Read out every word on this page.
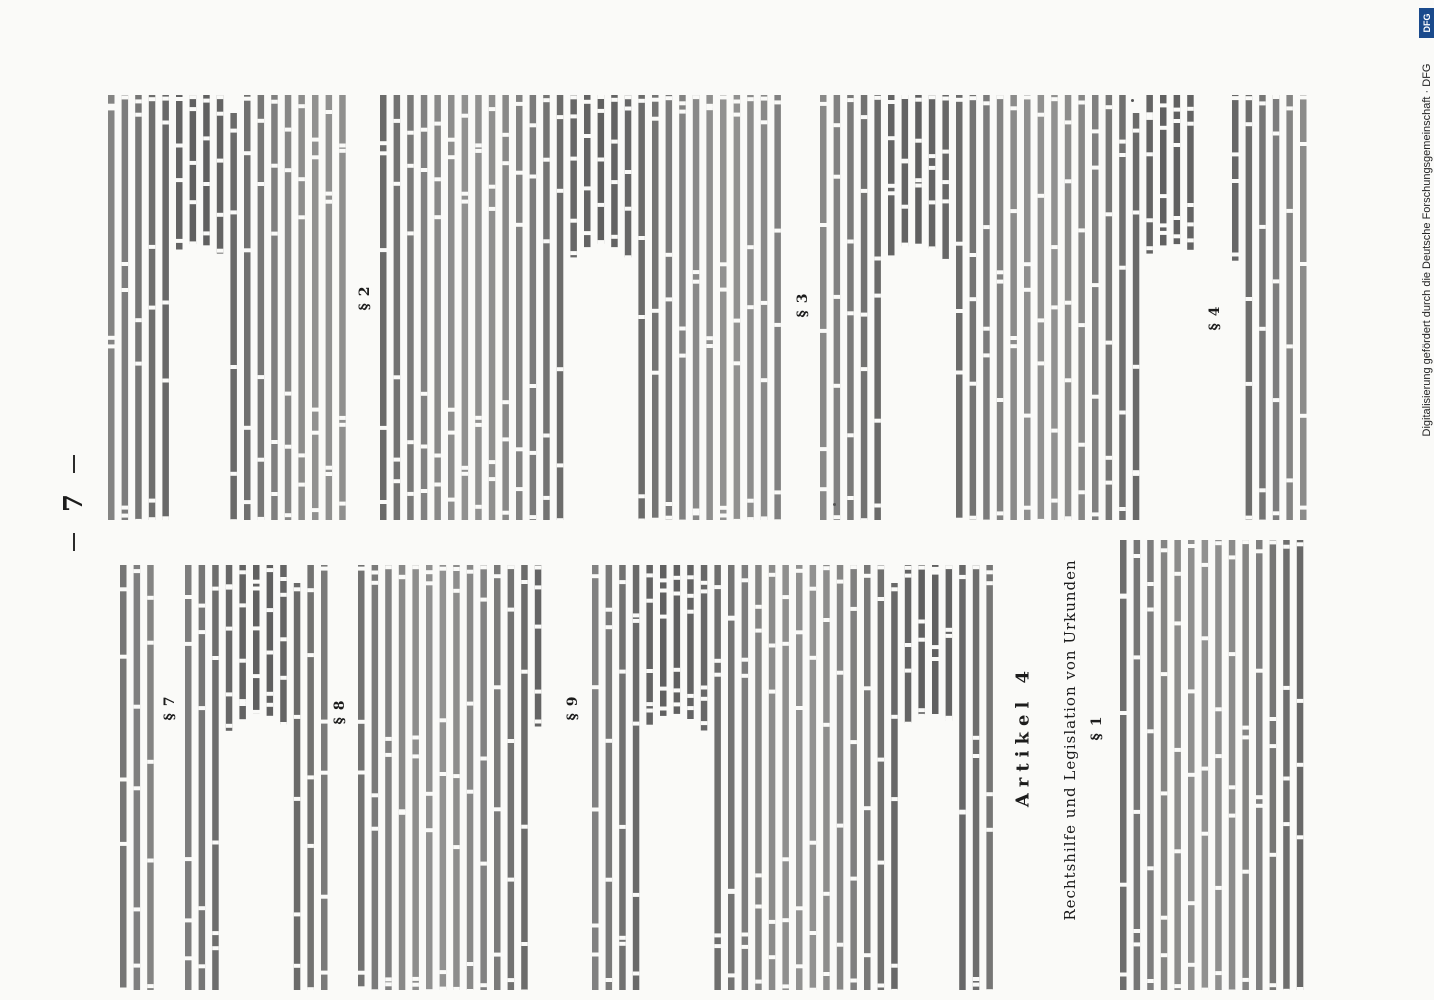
7
§ 7	§ 8	§ 9	Artikel 4 Rechtshilfe und Legislation von Urkunden § 1
§ 2	§ 3
§ 4
DFG
Digitalisierung gefördert durch die Deutsche Forschungsgemeinschaft · DFG
